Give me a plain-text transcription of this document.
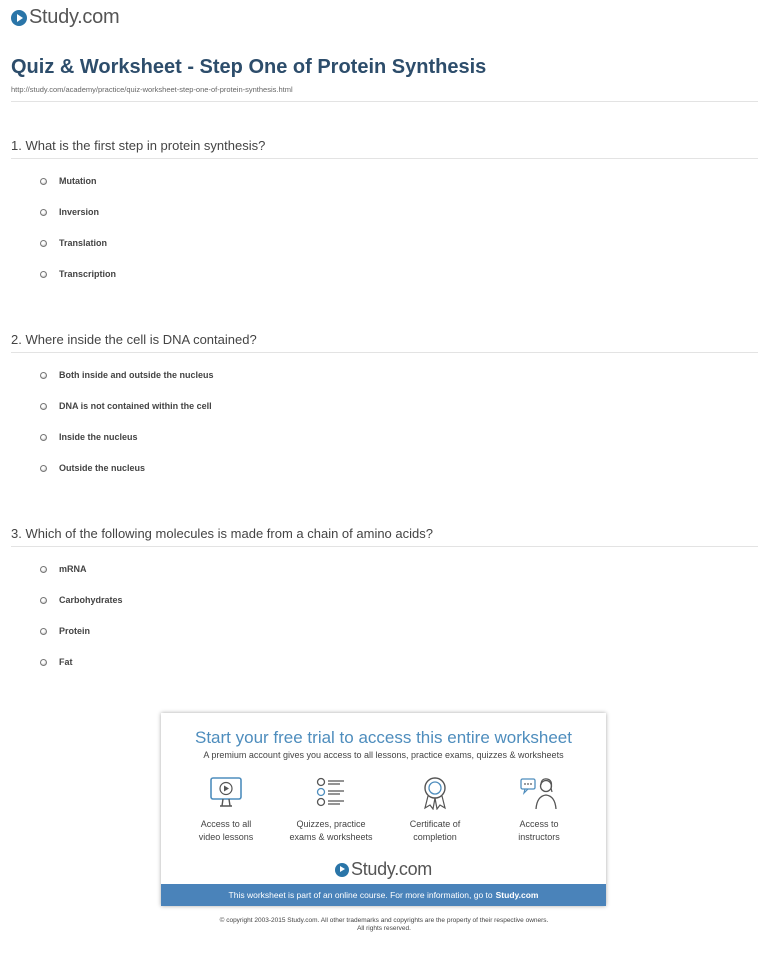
Study.com
Quiz & Worksheet - Step One of Protein Synthesis
http://study.com/academy/practice/quiz-worksheet-step-one-of-protein-synthesis.html
1. What is the first step in protein synthesis?
Mutation
Inversion
Translation
Transcription
2. Where inside the cell is DNA contained?
Both inside and outside the nucleus
DNA is not contained within the cell
Inside the nucleus
Outside the nucleus
3. Which of the following molecules is made from a chain of amino acids?
mRNA
Carbohydrates
Protein
Fat
Start your free trial to access this entire worksheet
A premium account gives you access to all lessons, practice exams, quizzes & worksheets
Access to all
video lessons
Quizzes, practice
exams & worksheets
Certificate of
completion
Access to
instructors
Study.com
This worksheet is part of an online course. For more information, go to Study.com
© copyright 2003-2015 Study.com. All other trademarks and copyrights are the property of their respective owners.
All rights reserved.
